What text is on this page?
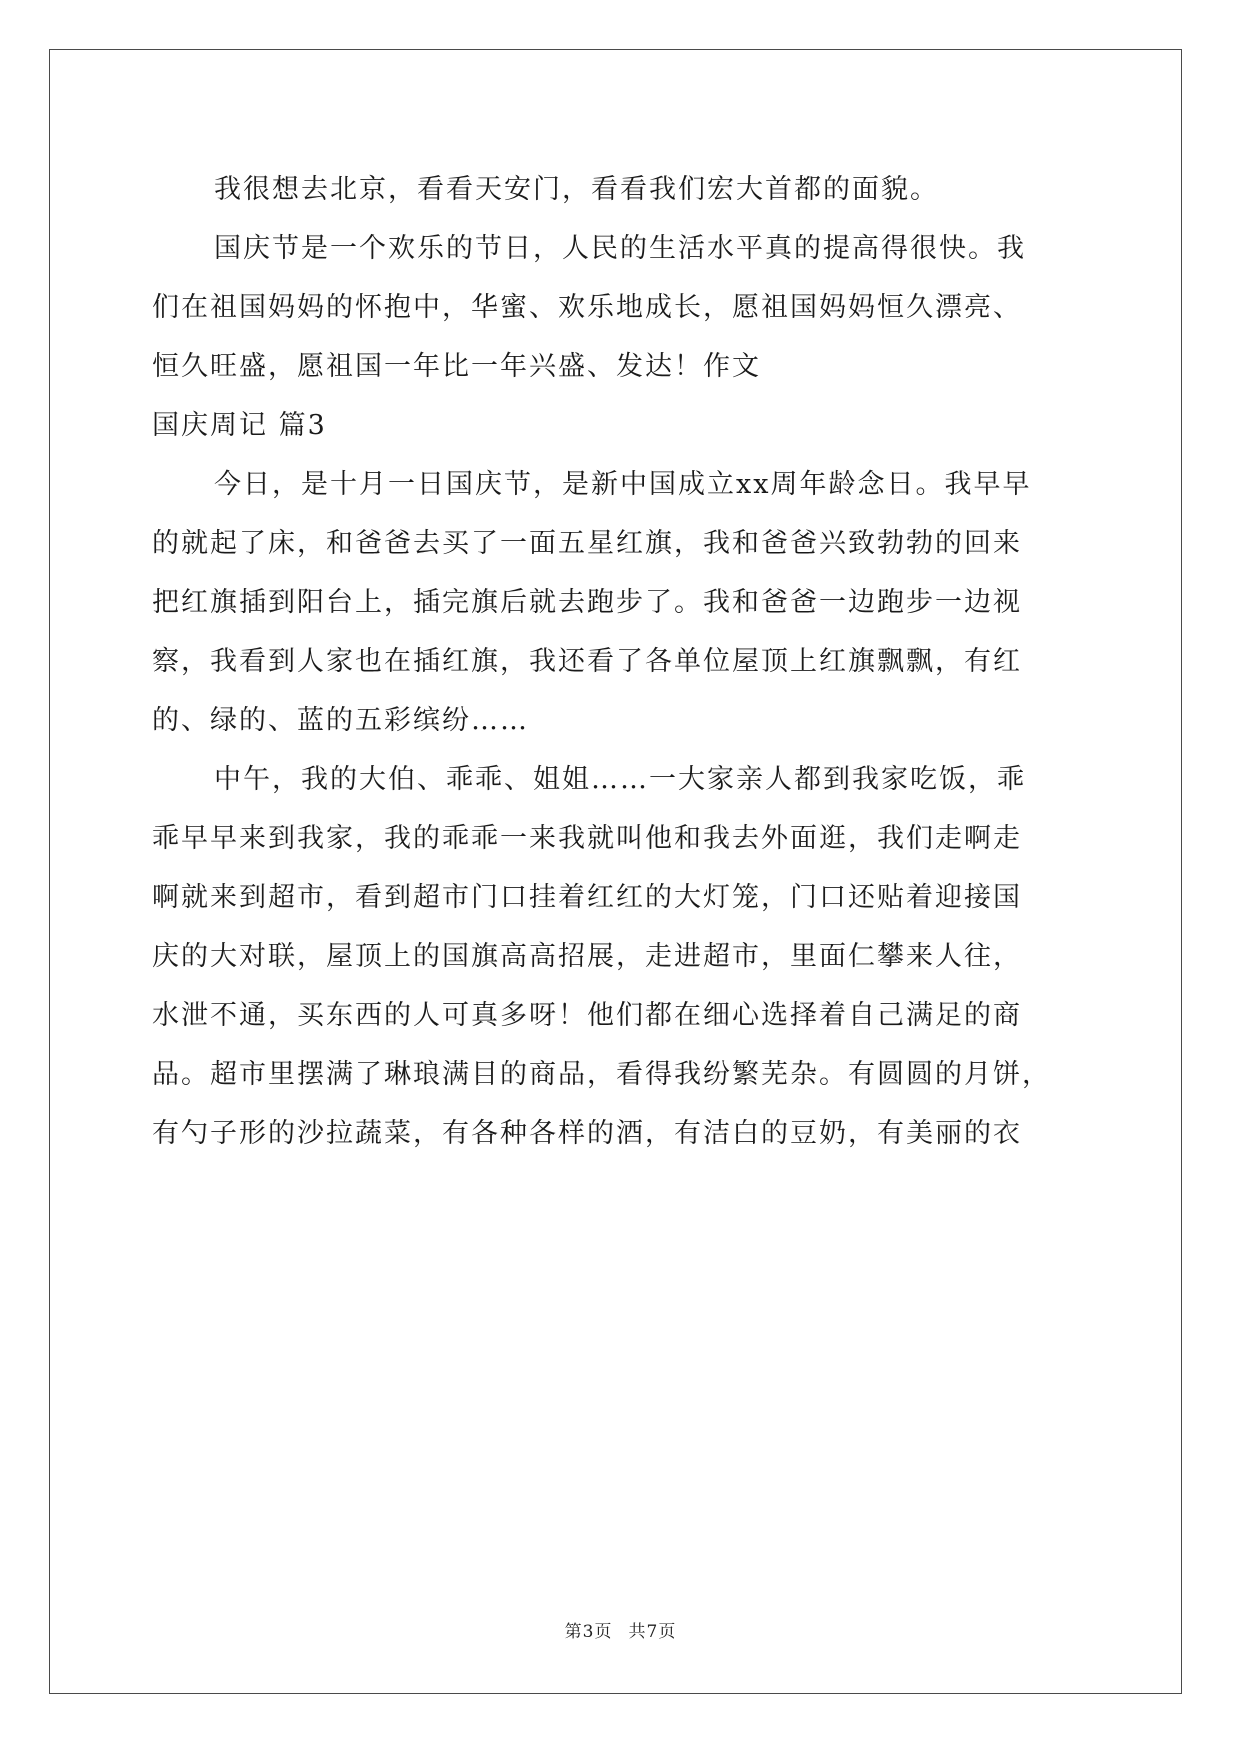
我很想去北京，看看天安门，看看我们宏大首都的面貌。
国庆节是一个欢乐的节日，人民的生活水平真的提高得很快。我
们在祖国妈妈的怀抱中，华蜜、欢乐地成长，愿祖国妈妈恒久漂亮、
恒久旺盛，愿祖国一年比一年兴盛、发达！作文
国庆周记 篇3
今日，是十月一日国庆节，是新中国成立xx周年龄念日。我早早
的就起了床，和爸爸去买了一面五星红旗，我和爸爸兴致勃勃的回来
把红旗插到阳台上，插完旗后就去跑步了。我和爸爸一边跑步一边视
察，我看到人家也在插红旗，我还看了各单位屋顶上红旗飘飘，有红
的、绿的、蓝的五彩缤纷……
中午，我的大伯、乖乖、姐姐……一大家亲人都到我家吃饭，乖
乖早早来到我家，我的乖乖一来我就叫他和我去外面逛，我们走啊走
啊就来到超市，看到超市门口挂着红红的大灯笼，门口还贴着迎接国
庆的大对联，屋顶上的国旗高高招展，走进超市，里面仁攀来人往，
水泄不通，买东西的人可真多呀！他们都在细心选择着自己满足的商
品。超市里摆满了琳琅满目的商品，看得我纷繁芜杂。有圆圆的月饼，
有勺子形的沙拉蔬菜，有各种各样的酒，有洁白的豆奶，有美丽的衣
第3页 共7页
